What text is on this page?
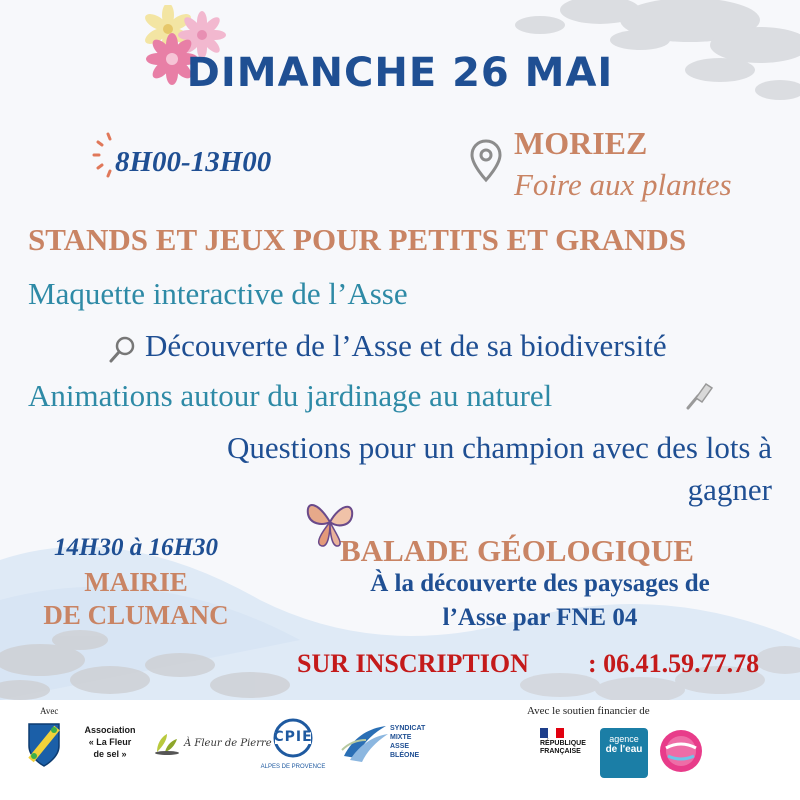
DIMANCHE 26 MAI
8H00-13H00
MORIEZ
Foire aux plantes
STANDS ET JEUX POUR PETITS ET GRANDS
Maquette interactive de l’Asse
Découverte de l’Asse et de sa biodiversité
Animations autour du jardinage au naturel
Questions pour un champion avec des lots à
gagner
14H30 à 16H30
MAIRIE
DE CLUMANC
BALADE GÉOLOGIQUE
À la découverte des paysages de
l’Asse par FNE 04
SUR INSCRIPTION : 06.41.59.77.78
Avec
Association
« La Fleur
de sel »
À Fleur de Pierre CPIE
ALPES DE PROVENCE
SYNDICAT
MIXTE
ASSE
BLÉONE
Avec le soutien financier de
RÉPUBLIQUE
FRANÇAISE
agence
de l'eau
